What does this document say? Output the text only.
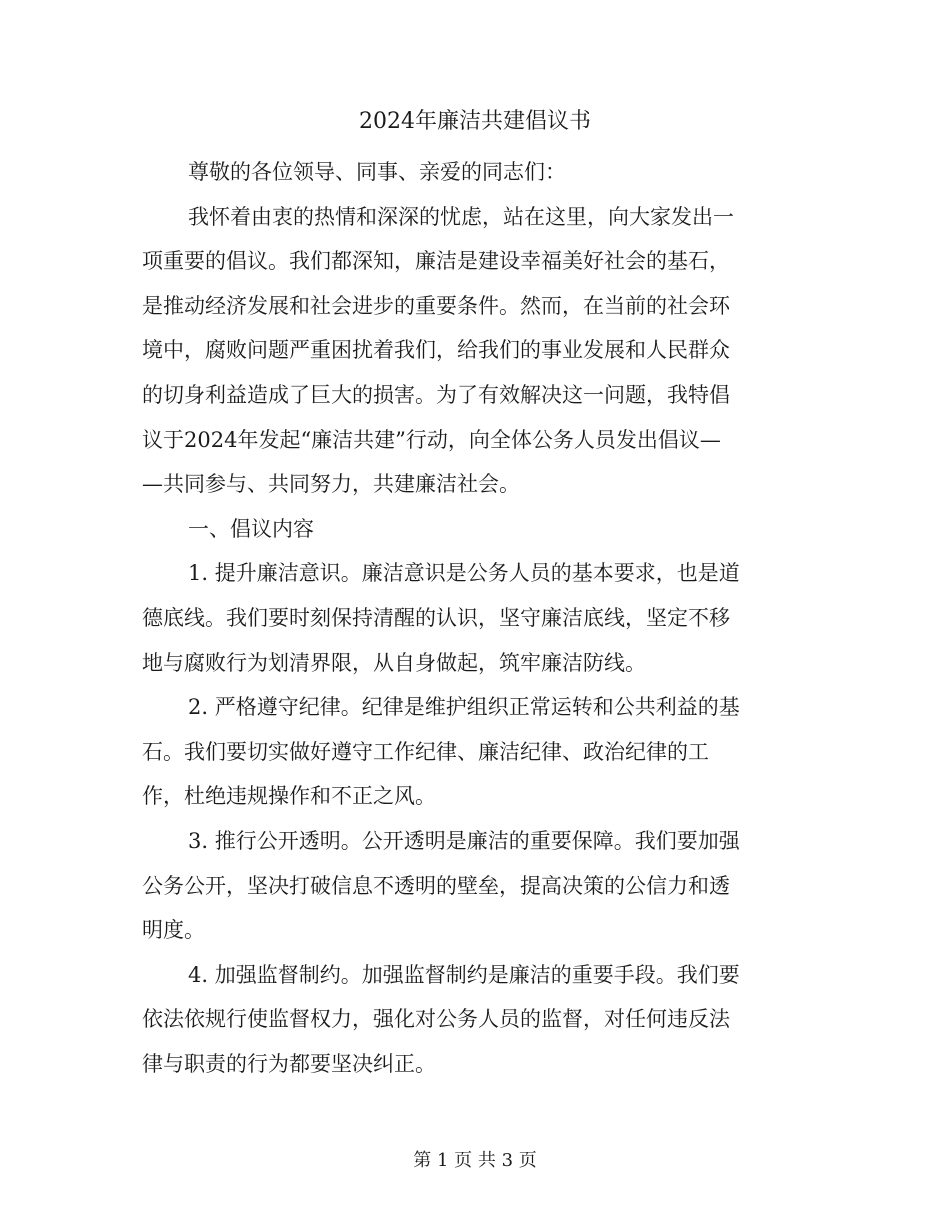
2024年廉洁共建倡议书
尊敬的各位领导、同事、亲爱的同志们：
我怀着由衷的热情和深深的忧虑，站在这里，向大家发出一
项重要的倡议。我们都深知，廉洁是建设幸福美好社会的基石，
是推动经济发展和社会进步的重要条件。然而，在当前的社会环
境中，腐败问题严重困扰着我们，给我们的事业发展和人民群众
的切身利益造成了巨大的损害。为了有效解决这一问题，我特倡
议于2024年发起“廉洁共建”行动，向全体公务人员发出倡议—
—共同参与、共同努力，共建廉洁社会。
一、倡议内容
1. 提升廉洁意识。廉洁意识是公务人员的基本要求，也是道
德底线。我们要时刻保持清醒的认识，坚守廉洁底线，坚定不移
地与腐败行为划清界限，从自身做起，筑牢廉洁防线。
2. 严格遵守纪律。纪律是维护组织正常运转和公共利益的基
石。我们要切实做好遵守工作纪律、廉洁纪律、政治纪律的工
作，杜绝违规操作和不正之风。
3. 推行公开透明。公开透明是廉洁的重要保障。我们要加强
公务公开，坚决打破信息不透明的壁垒，提高决策的公信力和透
明度。
4. 加强监督制约。加强监督制约是廉洁的重要手段。我们要
依法依规行使监督权力，强化对公务人员的监督，对任何违反法
律与职责的行为都要坚决纠正。
第 1 页 共 3 页
